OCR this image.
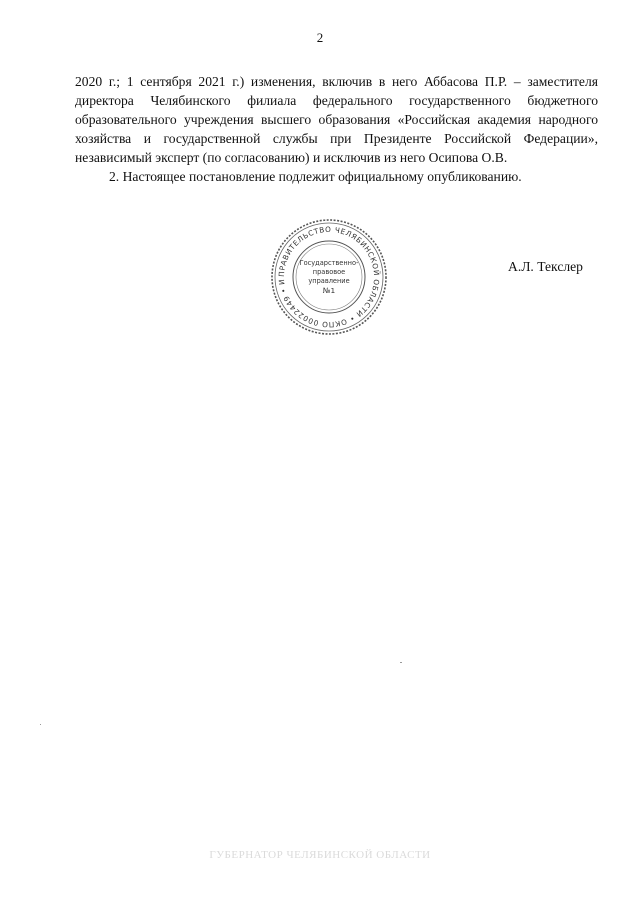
2

2020 г.; 1 сентября 2021 г.) изменения, включив в него Аббасова П.Р. – заместителя директора Челябинского филиала федерального государственного бюджетного образовательного учреждения высшего образования «Российская академия народного хозяйства и государственной службы при Президенте Российской Федерации», независимый эксперт (по согласованию) и исключив из него Осипова О.В.

2. Настоящее постановление подлежит официальному опубликованию.

ПРАВИТЕЛЬСТВО ЧЕЛЯБИНСКОЙ ОБЛАСТИ • ОКПО 00022449 • И
Государственно-
правовое
управление
№1
А.Л. Текслер
ГУБЕРНАТОР ЧЕЛЯБИНСКОЙ ОБЛАСТИ
